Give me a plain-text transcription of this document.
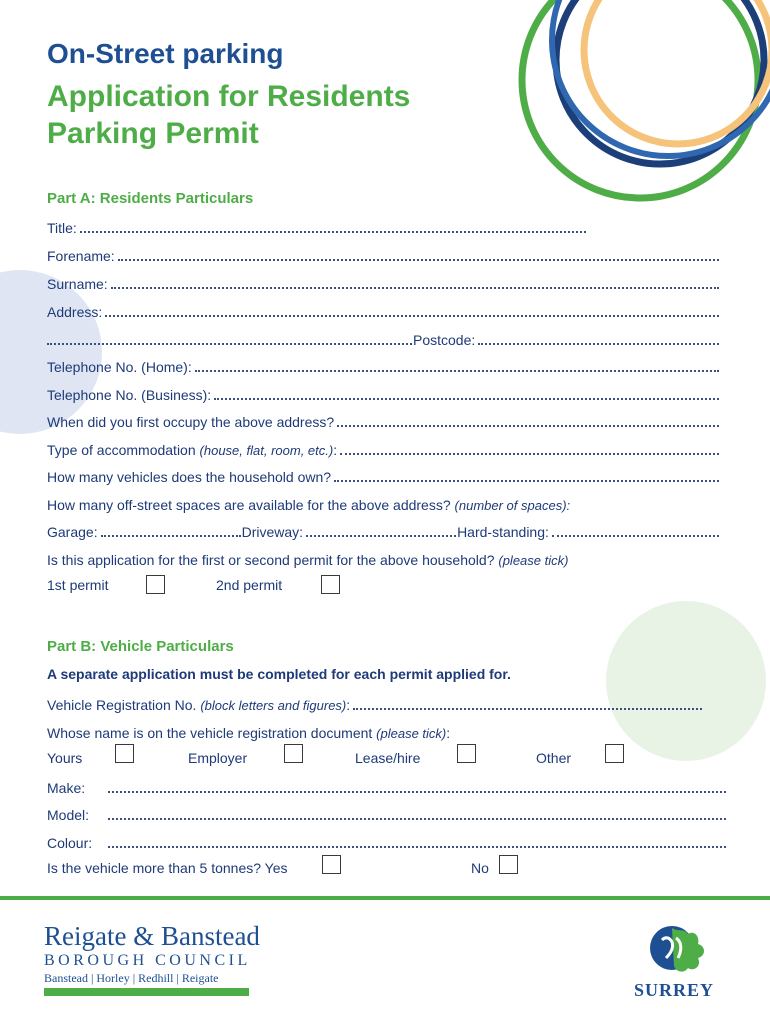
On-Street parking
Application for Residents
Parking Permit
Part A: Residents Particulars
Title:
Forename:
Surname:
Address:
Postcode:
Telephone No. (Home):
Telephone No. (Business):
When did you first occupy the above address?
Type of accommodation (house, flat, room, etc.):
How many vehicles does the household own?
How many off-street spaces are available for the above address? (number of spaces):
Garage:	Driveway:	Hard-standing:
Is this application for the first or second permit for the above household? (please tick)
1st permit	2nd permit
Part B: Vehicle Particulars
A separate application must be completed for each permit applied for.
Vehicle Registration No. (block letters and figures):
Whose name is on the vehicle registration document (please tick):
Yours	Employer	Lease/hire	Other
Make:
Model:
Colour:
Is the vehicle more than 5 tonnes? Yes	No
Reigate & Banstead
BOROUGH COUNCIL
Banstead | Horley | Redhill | Reigate
SURREY
